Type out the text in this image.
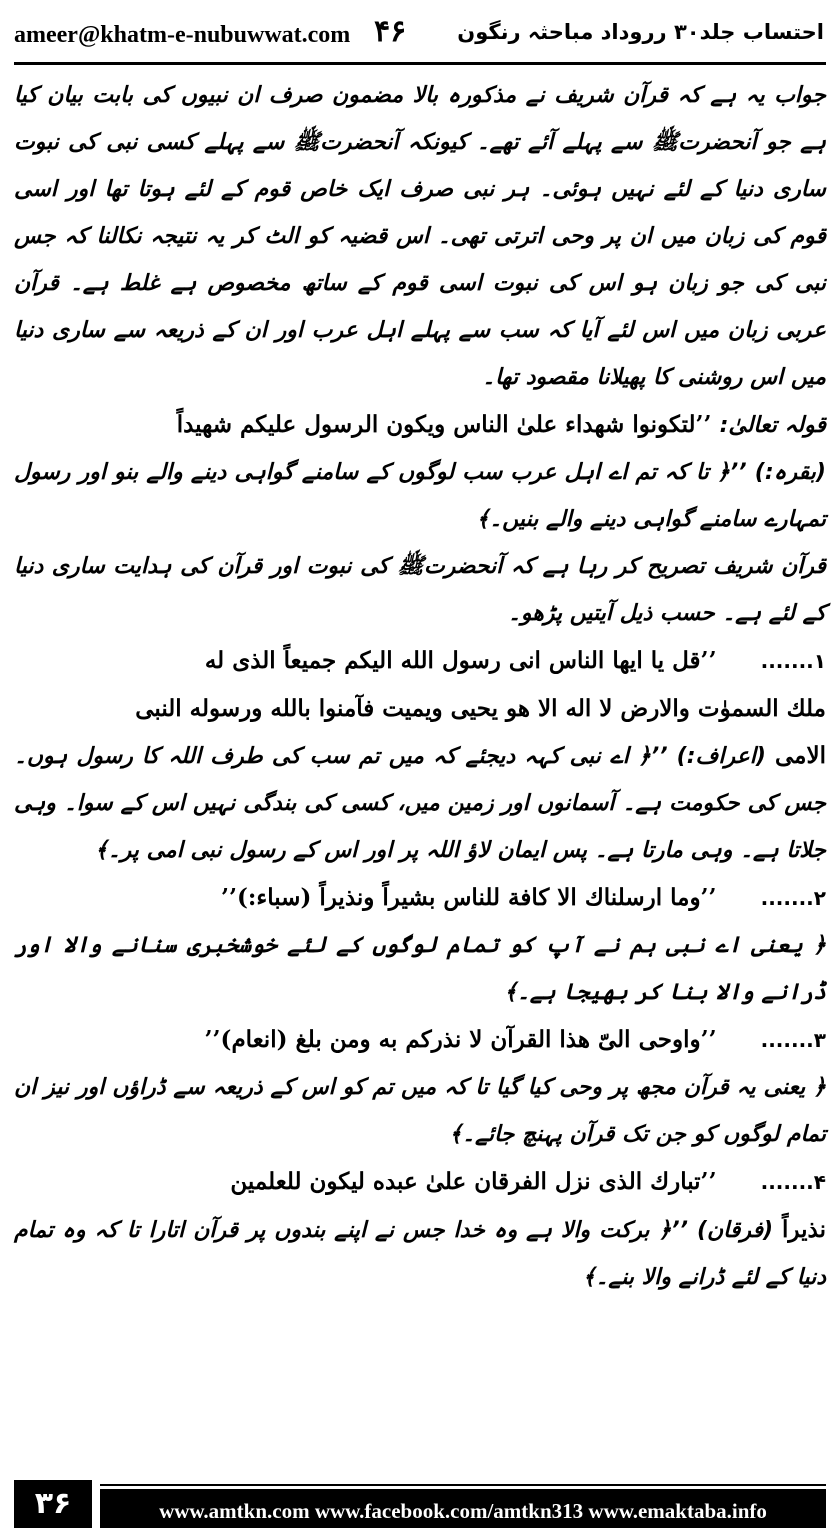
ameer@khatm-e-nubuwwat.com ۴۶ احتساب جلد۳۰ رروداد مباحثہ رنگون

جواب یہ ہے کہ قرآن شریف نے مذکورہ بالا مضمون صرف ان نبیوں کی بابت بیان کیا ہے جو آنحضرتﷺ سے پہلے آئے تھے۔ کیونکہ آنحضرتﷺ سے پہلے کسی نبی کی نبوت ساری دنیا کے لئے نہیں ہوئی۔ ہر نبی صرف ایک خاص قوم کے لئے ہوتا تھا اور اسی قوم کی زبان میں ان پر وحی اترتی تھی۔ اس قضیہ کو الٹ کر یہ نتیجہ نکالنا کہ جس نبی کی جو زبان ہو اس کی نبوت اسی قوم کے ساتھ مخصوص ہے غلط ہے۔ قرآن عربی زبان میں اس لئے آیا کہ سب سے پہلے اہل عرب اور ان کے ذریعہ سے ساری دنیا میں اس روشنی کا پھیلانا مقصود تھا۔

قولہ تعالیٰ: ’’لتكونوا شهداء علىٰ الناس ويكون الرسول عليكم شهيداً
(بقرہ:) ’’﴿ تا کہ تم اے اہل عرب سب لوگوں کے سامنے گواہی دینے والے بنو اور رسول تمہارے سامنے گواہی دینے والے بنیں۔﴾

قرآن شریف تصریح کر رہا ہے کہ آنحضرتﷺ کی نبوت اور قرآن کی ہدایت ساری دنیا کے لئے ہے۔ حسب ذیل آیتیں پڑھو۔

۱....... ’’قل يا ايها الناس انى رسول الله اليكم جميعاً الذى له
ملك السموٰت والارض لا اله الا هو يحيى ويميت فآمنوا بالله ورسوله النبى
الامى (اعراف:) ’’﴿ اے نبی کہہ دیجئے کہ میں تم سب کی طرف اللہ کا رسول ہوں۔ جس کی حکومت ہے۔ آسمانوں اور زمین میں، کسی کی بندگی نہیں اس کے سوا۔ وہی جلاتا ہے۔ وہی مارتا ہے۔ پس ایمان لاؤ اللہ پر اور اس کے رسول نبی امی پر۔﴾
۲....... ’’وما ارسلناك الا كافة للناس بشيراً ونذيراً (سباء:)’’

﴿ یعنی اے نبی ہم نے آپ کو تمام لوگوں کے لئے خوشخبری سنانے والا اور ڈرانے والا بنا کر بھیجا ہے۔﴾

۳....... ’’واوحى الىّ هذا القرآن لا نذركم به ومن بلغ (انعام)’’

﴿ یعنی یہ قرآن مجھ پر وحی کیا گیا تا کہ میں تم کو اس کے ذریعہ سے ڈراؤں اور نیز ان تمام لوگوں کو جن تک قرآن پہنچ جائے۔﴾

۴....... ’’تبارك الذى نزل الفرقان علىٰ عبده ليكون للعلمين
نذيراً (فرقان) ’’﴿ برکت والا ہے وہ خدا جس نے اپنے بندوں پر قرآن اتارا تا کہ وہ تمام دنیا کے لئے ڈرانے والا بنے۔﴾
۳۶	www.amtkn.com www.facebook.com/amtkn313 www.emaktaba.info
